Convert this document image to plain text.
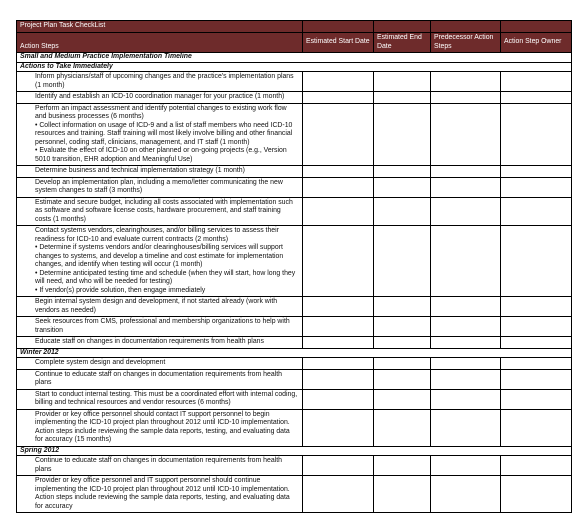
Project Plan Task CheckList				
Action Steps	Estimated Start Date	Estimated End Date	Predecessor Action Steps	Action Step Owner
Small and Medium Practice Implementation Timeline				
Actions to Take Immediately				
Inform physicians/staff of upcoming changes and the practice's implementation plans (1 month)				
Identify and establish an ICD-10 coordination manager for your practice (1 month)				
Perform an impact assessment and identify potential changes to existing work flow and business processes (6 months)
• Collect information on usage of ICD-9 and a list of staff members who need ICD-10 resources and training. Staff training will most likely involve billing and other financial personnel, coding staff, clinicians, management, and IT staff (1 month)
• Evaluate the effect of ICD-10 on other planned or on-going projects (e.g., Version 5010 transition, EHR adoption and Meaningful Use)				
Determine business and technical implementation strategy (1 month)				
Develop an implementation plan, including a memo/letter communicating the new system changes to staff (3 months)				
Estimate and secure budget, including all costs associated with implementation such as software and software license costs, hardware procurement, and staff training costs (1 months)				
Contact systems vendors, clearinghouses, and/or billing services to assess their readiness for ICD-10 and evaluate current contracts (2 months)
• Determine if systems vendors and/or clearinghouses/billing services will support changes to systems, and develop a timeline and cost estimate for implementation changes, and identify when testing will occur (1 month)
• Determine anticipated testing time and schedule (when they will start, how long they will need, and who will be needed for testing)
• If vendor(s) provide solution, then engage immediately				
Begin internal system design and development, if not started already (work with vendors as needed)				
Seek resources from CMS, professional and membership organizations to help with transition				
Educate staff on changes in documentation requirements from health plans				
Winter 2012				
Complete system design and development				
Continue to educate staff on changes in documentation requirements from health plans				
Start to conduct internal testing. This must be a coordinated effort with internal coding, billing and technical resources and vendor resources (6 months)				
Provider or key office personnel should contact IT support personnel to begin implementing the ICD-10 project plan throughout 2012 until ICD-10 implementation. Action steps include reviewing the sample data reports, testing, and evaluating data for accuracy (15 months)				
Spring 2012				
Continue to educate staff on changes in documentation requirements from health plans				
Provider or key office personnel and IT support personnel should continue implementing the ICD-10 project plan throughout 2012 until ICD-10 implementation. Action steps include reviewing the sample data reports, testing, and evaluating data for accuracy				
